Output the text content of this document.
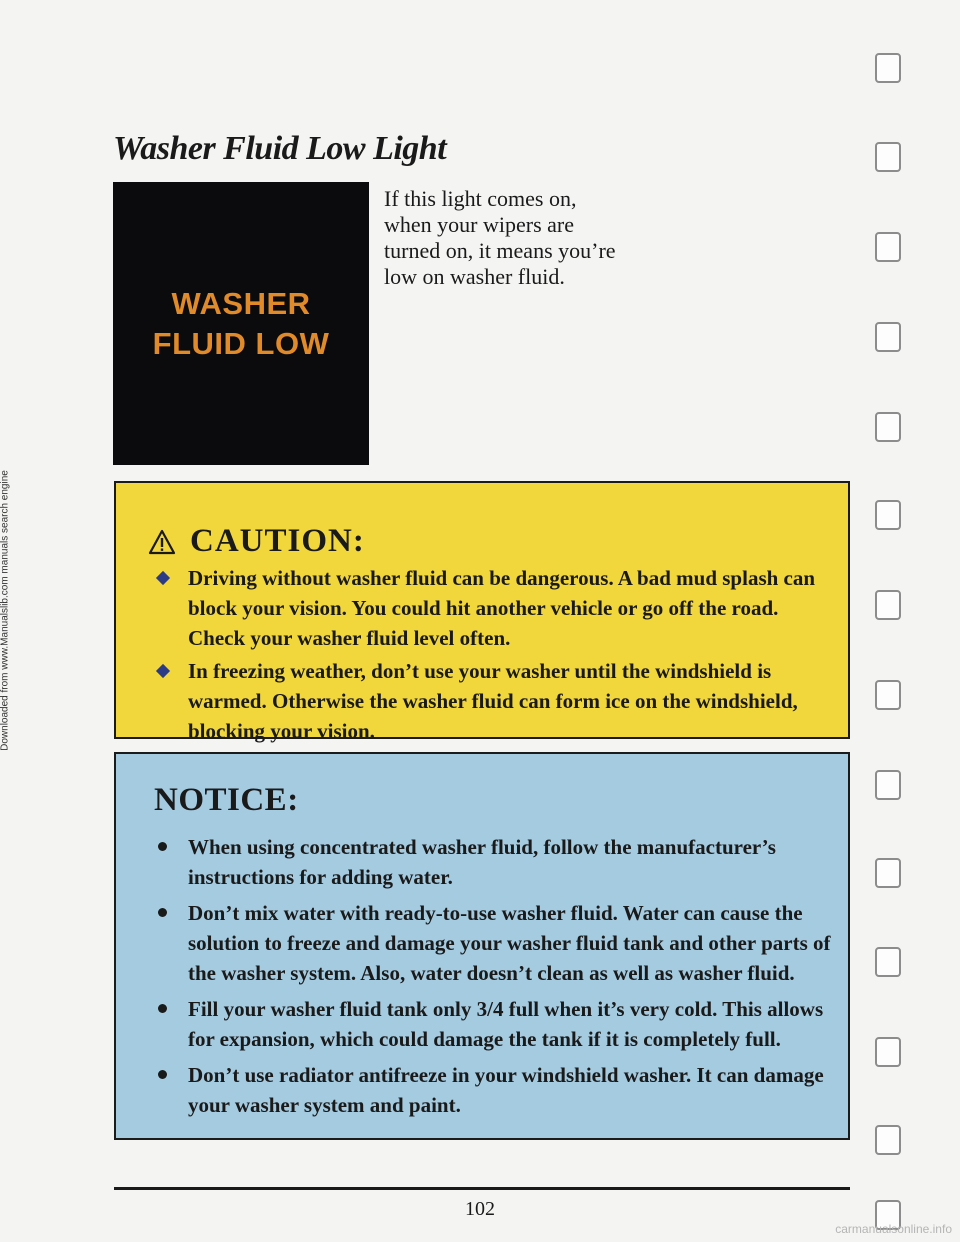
Downloaded from www.Manualslib.com manuals search engine
Washer Fluid Low Light
WASHER
FLUID LOW

If this light comes on, when your wipers are turned on, it means you’re low on washer fluid.

CAUTION:
Driving without washer fluid can be dangerous. A bad mud splash can block your vision. You could hit another vehicle or go off the road. Check your washer fluid level often.
In freezing weather, don’t use your washer until the windshield is warmed. Otherwise the washer fluid can form ice on the windshield, blocking your vision.
NOTICE:
When using concentrated washer fluid, follow the manufacturer’s instructions for adding water.
Don’t mix water with ready-to-use washer fluid. Water can cause the solution to freeze and damage your washer fluid tank and other parts of the washer system. Also, water doesn’t clean as well as washer fluid.
Fill your washer fluid tank only 3/4 full when it’s very cold. This allows for expansion, which could damage the tank if it is completely full.
Don’t use radiator antifreeze in your windshield washer. It can damage your washer system and paint.
102
carmanualsonline.info
